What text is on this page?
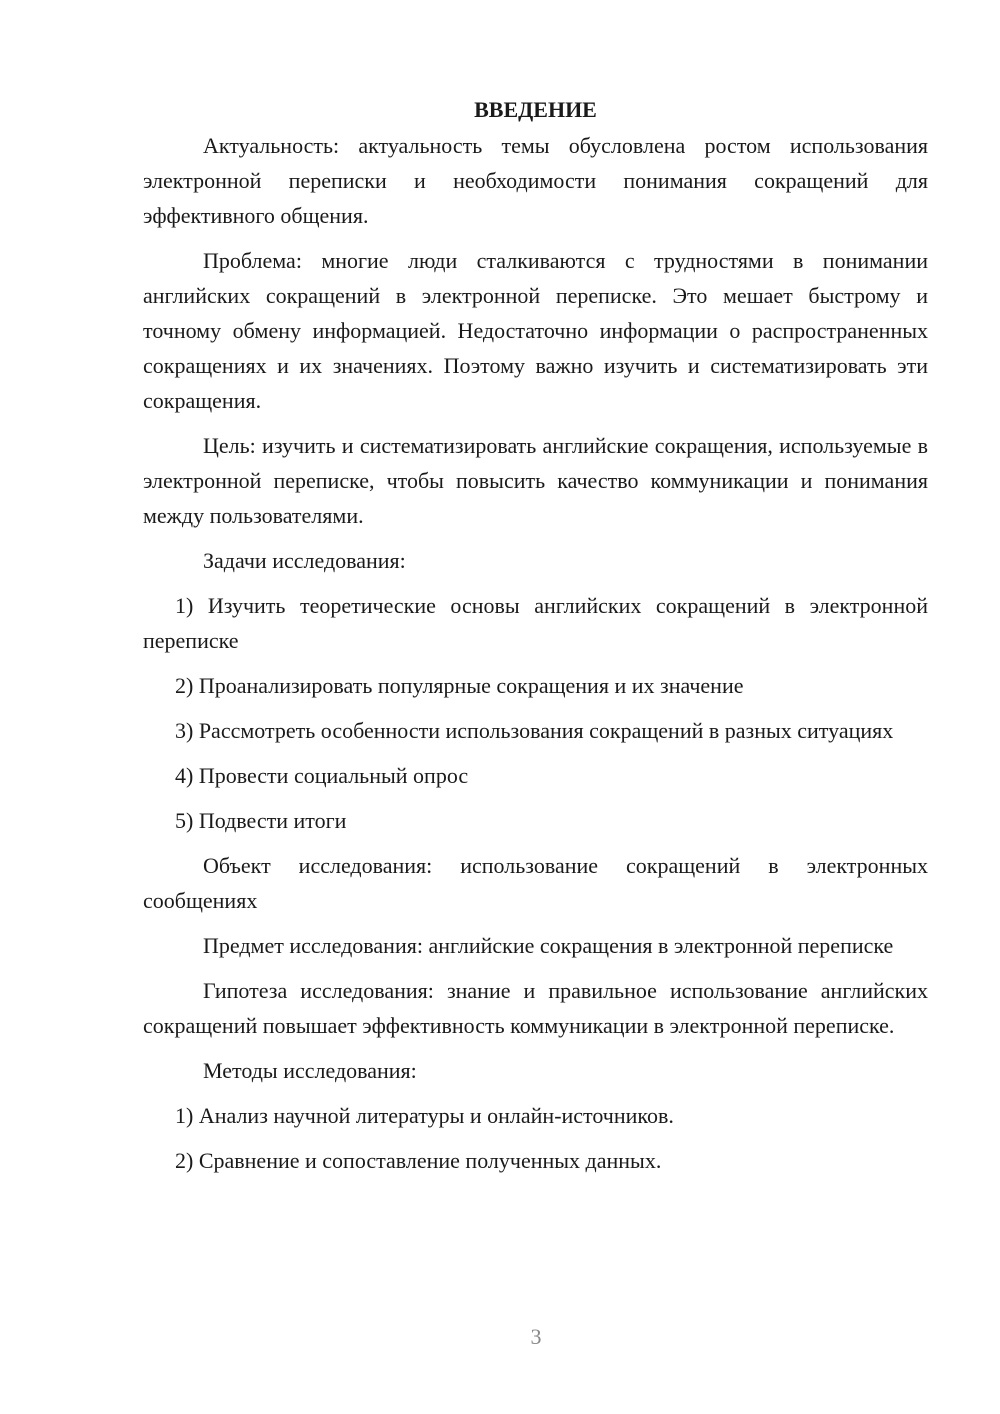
ВВЕДЕНИЕ

Актуальность: актуальность темы обусловлена ростом использования электронной переписки и необходимости понимания сокращений для эффективного общения.

Проблема: многие люди сталкиваются с трудностями в понимании английских сокращений в электронной переписке. Это мешает быстрому и точному обмену информацией. Недостаточно информации о распространенных сокращениях и их значениях. Поэтому важно изучить и систематизировать эти сокращения.

Цель: изучить и систематизировать английские сокращения, используемые в электронной переписке, чтобы повысить качество коммуникации и понимания между пользователями.

Задачи исследования:

1) Изучить теоретические основы английских сокращений в электронной переписке

2) Проанализировать популярные сокращения и их значение

3) Рассмотреть особенности использования сокращений в разных ситуациях

4) Провести социальный опрос

5) Подвести итоги

Объект исследования: использование сокращений в электронных сообщениях

Предмет исследования: английские сокращения в электронной переписке

Гипотеза исследования: знание и правильное использование английских сокращений повышает эффективность коммуникации в электронной переписке.

Методы исследования:

1) Анализ научной литературы и онлайн-источников.

2) Сравнение и сопоставление полученных данных.

3
